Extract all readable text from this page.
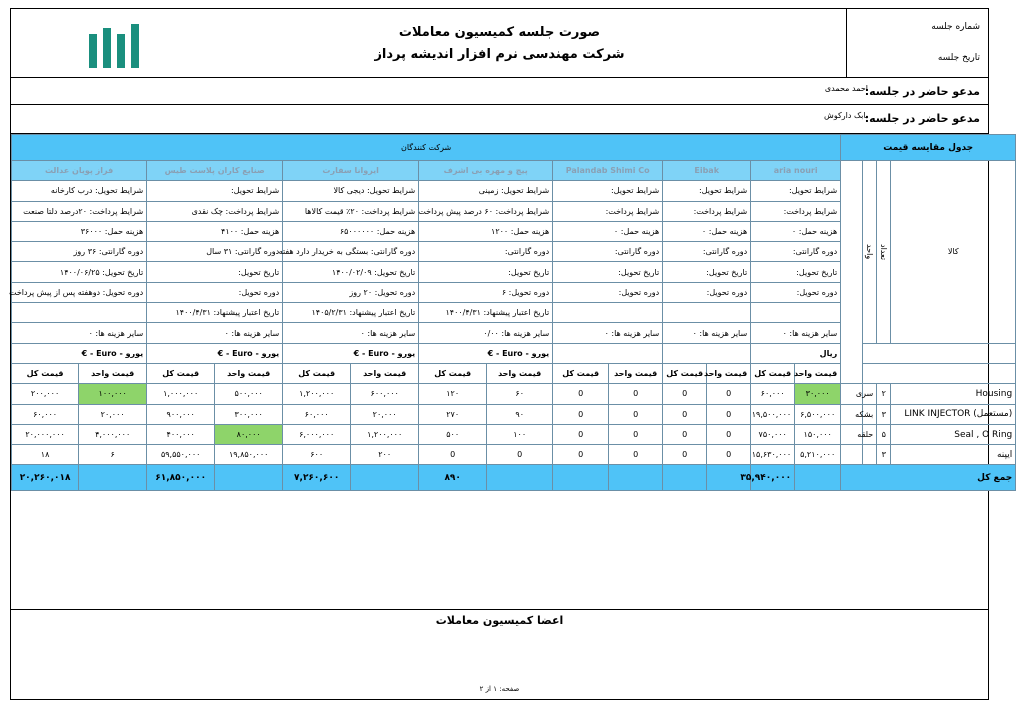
صورت جلسه کمیسیون معاملات
شرکت مهندسی نرم افزار اندیشه پرداز
شماره جلسه
تاریخ جلسه
مدعو حاضر در جلسه:
احمد محمدی
مدعو حاضر در جلسه:
بابک دارکوش
جدول مقایسه قیمت				شرکت کنندگان													
کالا	تعداد	واحد		aria nouri		Eibak		Palandab Shimi Co		پیچ و مهره بی اشرف		ایروانا سفارت		صنایع کاران پلاست طیس		فراز پویان عدالت	
				شرایط تحویل:		شرایط تحویل:		شرایط تحویل:		شرایط تحویل: زمینی		شرایط تحویل: دیجی کالا		شرایط تحویل:		شرایط تحویل: درب کارخانه	
				شرایط پرداخت:		شرایط پرداخت:		شرایط پرداخت:		شرایط پرداخت: ۶۰ درصد پیش پرداخت		شرایط پرداخت: ۲۰٪ قیمت کالاها		شرایط پرداخت: چک نقدی		شرایط پرداخت: ۲۰درصد دلتا صنعت	
				هزینه حمل: ۰		هزینه حمل: ۰		هزینه حمل: ۰		هزینه حمل: ۱۲۰۰		هزینه حمل: ۶۵۰۰۰۰۰۰		هزینه حمل: ۴۱۰۰		هزینه حمل: ۳۶۰۰۰	
				دوره گارانتی:		دوره گارانتی:		دوره گارانتی:		دوره گارانتی:		دوره گارانتی: بستگی به خریدار دارد هفته		دوره گارانتی: ۳۱ سال		دوره گارانتی: ۳۶ روز	
				تاریخ تحویل:		تاریخ تحویل:		تاریخ تحویل:		تاریخ تحویل:		تاریخ تحویل: ۱۴۰۰/۰۲/۰۹		تاریخ تحویل:		تاریخ تحویل: ۱۴۰۰/۰۶/۲۵	
				دوره تحویل:		دوره تحویل:		دوره تحویل:		دوره تحویل: ۶		دوره تحویل: ۲۰ روز		دوره تحویل:		دوره تحویل: دوهفته پس از پیش پرداخت	
										تاریخ اعتبار پیشنهاد: ۱۴۰۰/۴/۳۱		تاریخ اعتبار پیشنهاد: ۱۴۰۵/۲/۳۱		تاریخ اعتبار پیشنهاد: ۱۴۰۰/۴/۳۱			
				سایر هزینه ها: ۰		سایر هزینه ها: ۰		سایر هزینه ها: ۰		سایر هزینه ها: ۰/۰۰		سایر هزینه ها: ۰		سایر هزینه ها: ۰		سایر هزینه ها: ۰	
				ریال						یورو - Euro - €		یورو - Euro - €		یورو - Euro - €		یورو - Euro - €	
				قیمت واحد	قیمت کل	قیمت واحد	قیمت کل	قیمت واحد	قیمت کل	قیمت واحد	قیمت کل	قیمت واحد	قیمت کل	قیمت واحد	قیمت کل	قیمت واحد	قیمت کل
Housing	۲	سری		۳۰,۰۰۰	۶۰,۰۰۰	0	0	0	0	۶۰	۱۲۰	۶۰۰,۰۰۰	۱,۲۰۰,۰۰۰	۵۰۰,۰۰۰	۱,۰۰۰,۰۰۰	۱۰۰,۰۰۰	۲۰۰,۰۰۰
LINK INJECTOR (مستعمل)	۳	بشکه		۶,۵۰۰,۰۰۰	۱۹,۵۰۰,۰۰۰	0	0	0	0	۹۰	۲۷۰	۲۰,۰۰۰	۶۰,۰۰۰	۳۰۰,۰۰۰	۹۰۰,۰۰۰	۲۰,۰۰۰	۶۰,۰۰۰
Seal , O Ring	۵	حلقه		۱۵۰,۰۰۰	۷۵۰,۰۰۰	0	0	0	0	۱۰۰	۵۰۰	۱,۲۰۰,۰۰۰	۶,۰۰۰,۰۰۰	۸۰,۰۰۰	۴۰۰,۰۰۰	۴,۰۰۰,۰۰۰	۲۰,۰۰۰,۰۰۰
ایپنه	۳			۵,۲۱۰,۰۰۰	۱۵,۶۳۰,۰۰۰	0	0	0	0	0	0	۲۰۰	۶۰۰	۱۹,۸۵۰,۰۰۰	۵۹,۵۵۰,۰۰۰	۶	۱۸
جمع کل					۳۵,۹۴۰,۰۰۰						۸۹۰		۷,۲۶۰,۶۰۰		۶۱,۸۵۰,۰۰۰		۲۰,۲۶۰,۰۱۸
اعضا کمیسیون معاملات
صفحه: ۱ از ۲
